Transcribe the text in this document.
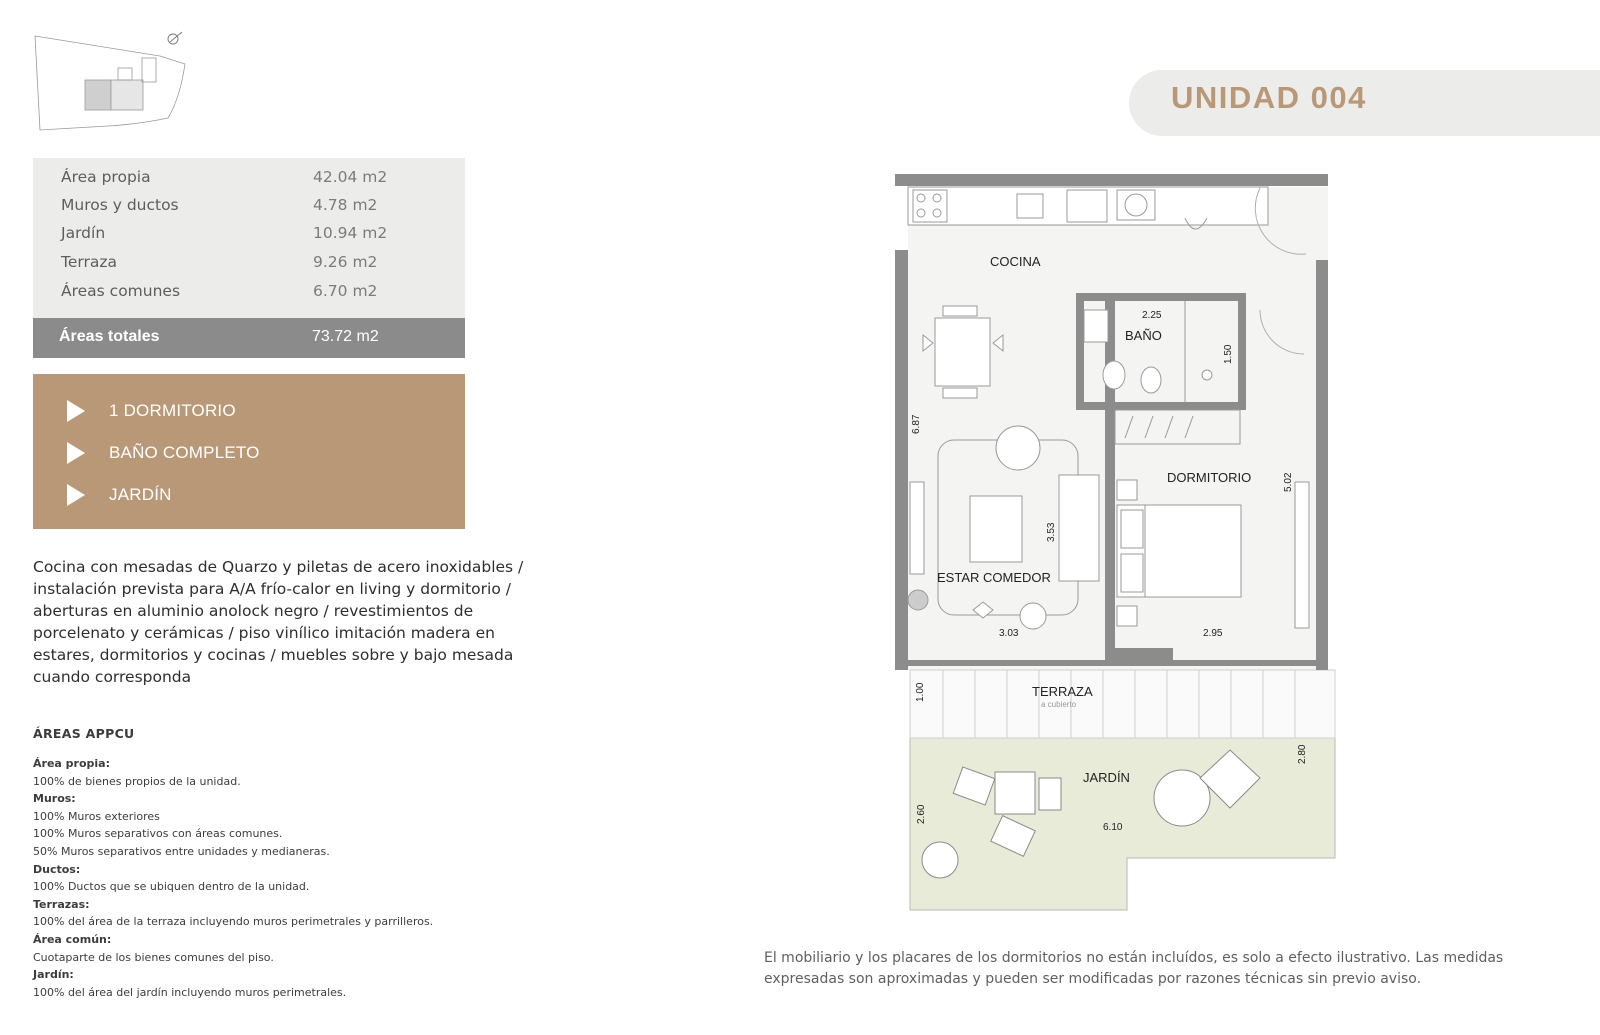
Área propia	42.04 m2
Muros y ductos	4.78 m2
Jardín	10.94 m2
Terraza	9.26 m2
Áreas comunes	6.70 m2
Áreas totales	73.72 m2
1 DORMITORIO
BAÑO COMPLETO
JARDÍN
Cocina con mesadas de Quarzo y piletas de acero inoxidables / instalación prevista para A/A frío-calor en living y dormitorio / aberturas en aluminio anolock negro / revestimientos de porcelenato y cerámicas / piso vinílico imitación madera en estares, dormitorios y cocinas / muebles sobre y bajo mesada cuando corresponda
ÁREAS APPCU
Área propia:
100% de bienes propios de la unidad.
Muros:
100% Muros exteriores
100% Muros separativos con áreas comunes.
50% Muros separativos entre unidades y medianeras.
Ductos:
100% Ductos que se ubiquen dentro de la unidad.
Terrazas:
100% del área de la terraza incluyendo muros perimetrales y parrilleros.
Área común:
Cuotaparte de los bienes comunes del piso.
Jardín:
100% del área del jardín incluyendo muros perimetrales.
UNIDAD 004
COCINA
BAÑO
DORMITORIO
ESTAR COMEDOR
TERRAZA
a cubierto
JARDÍN
6.87
2.25
1.50
5.02
3.53
3.03	2.95
1.00
2.80
2.60
6.10
El mobiliario y los placares de los dormitorios no están incluídos, es solo a efecto ilustrativo. Las medidas expresadas son aproximadas y pueden ser modificadas por razones técnicas sin previo aviso.
